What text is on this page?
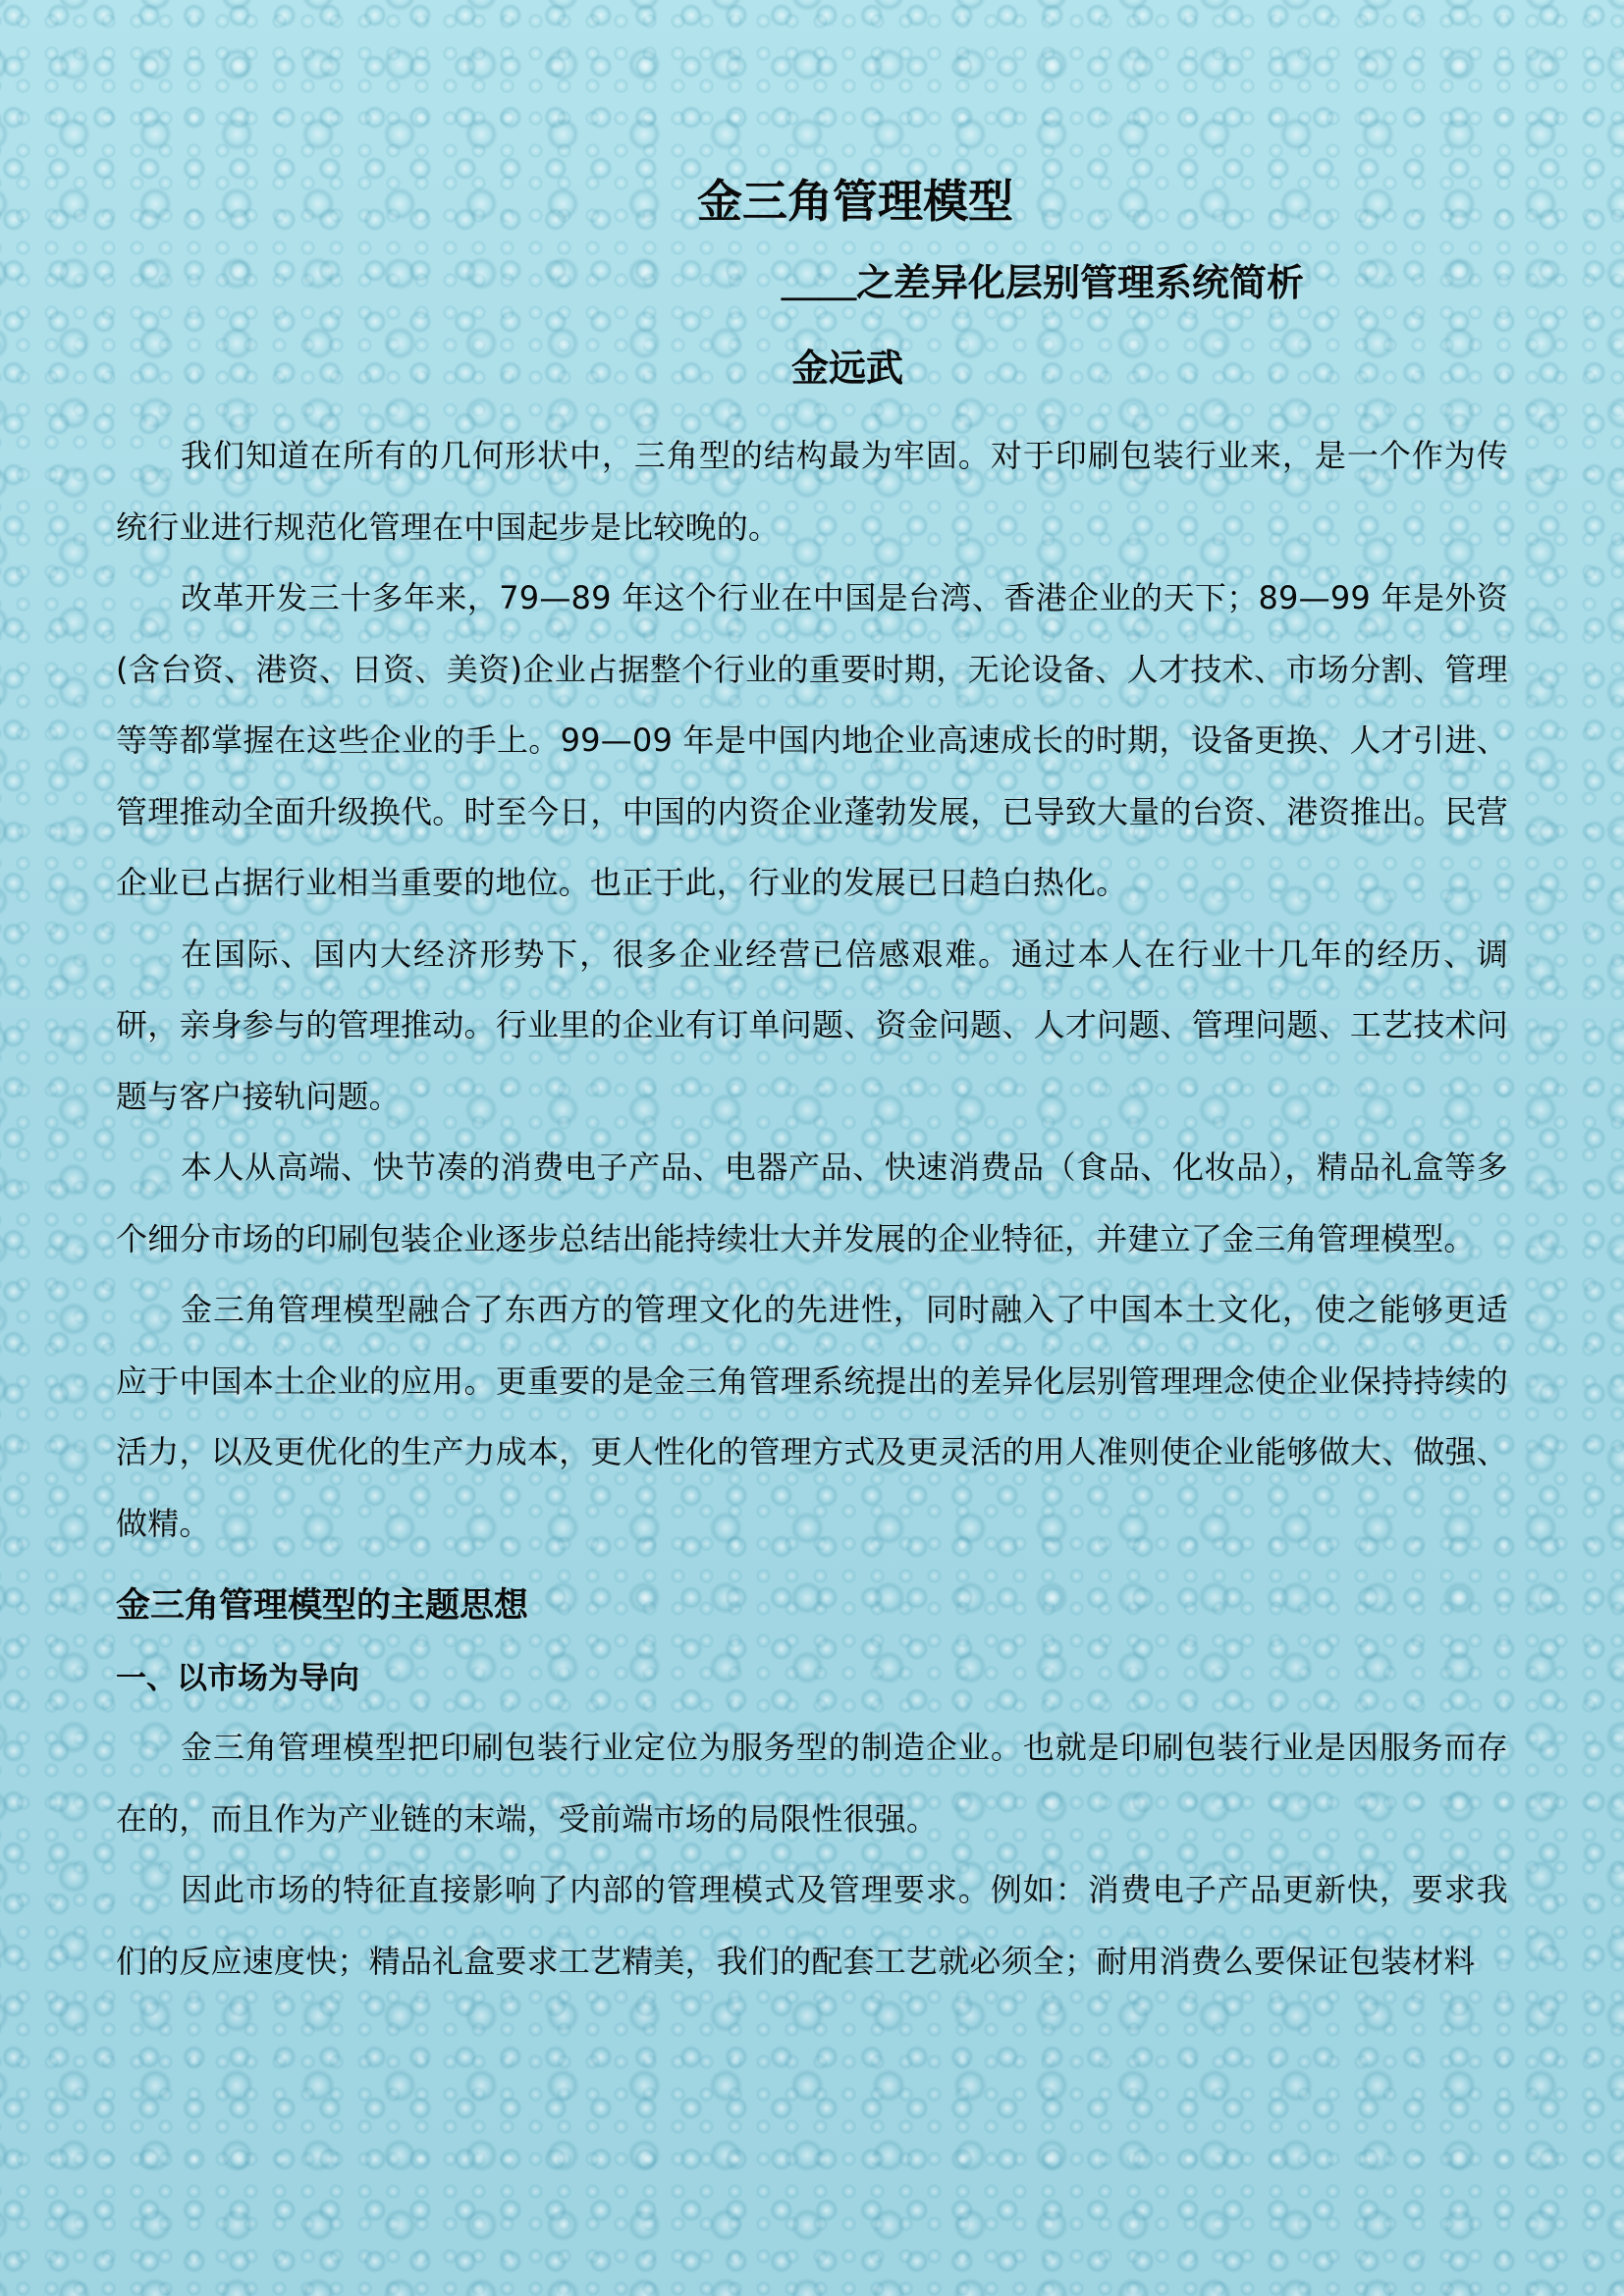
金三角管理模型
＿＿之差异化层别管理系统简析
金远武

我们知道在所有的几何形状中，三角型的结构最为牢固。对于印刷包装行业来，是一个作为传统行业进行规范化管理在中国起步是比较晚的。

改革开发三十多年来，79—89 年这个行业在中国是台湾、香港企业的天下；89—99 年是外资(含台资、港资、日资、美资)企业占据整个行业的重要时期，无论设备、人才技术、市场分割、管理等等都掌握在这些企业的手上。99—09 年是中国内地企业高速成长的时期，设备更换、人才引进、管理推动全面升级换代。时至今日，中国的内资企业蓬勃发展，已导致大量的台资、港资推出。民营企业已占据行业相当重要的地位。也正于此，行业的发展已日趋白热化。

在国际、国内大经济形势下，很多企业经营已倍感艰难。通过本人在行业十几年的经历、调研，亲身参与的管理推动。行业里的企业有订单问题、资金问题、人才问题、管理问题、工艺技术问题与客户接轨问题。

本人从高端、快节凑的消费电子产品、电器产品、快速消费品（食品、化妆品），精品礼盒等多个细分市场的印刷包装企业逐步总结出能持续壮大并发展的企业特征，并建立了金三角管理模型。

金三角管理模型融合了东西方的管理文化的先进性，同时融入了中国本土文化，使之能够更适应于中国本土企业的应用。更重要的是金三角管理系统提出的差异化层别管理理念使企业保持持续的活力，以及更优化的生产力成本，更人性化的管理方式及更灵活的用人准则使企业能够做大、做强、做精。

金三角管理模型的主题思想
一、以市场为导向

金三角管理模型把印刷包装行业定位为服务型的制造企业。也就是印刷包装行业是因服务而存在的，而且作为产业链的末端，受前端市场的局限性很强。

因此市场的特征直接影响了内部的管理模式及管理要求。例如：消费电子产品更新快，要求我们的反应速度快；精品礼盒要求工艺精美，我们的配套工艺就必须全；耐用消费么要保证包装材料
